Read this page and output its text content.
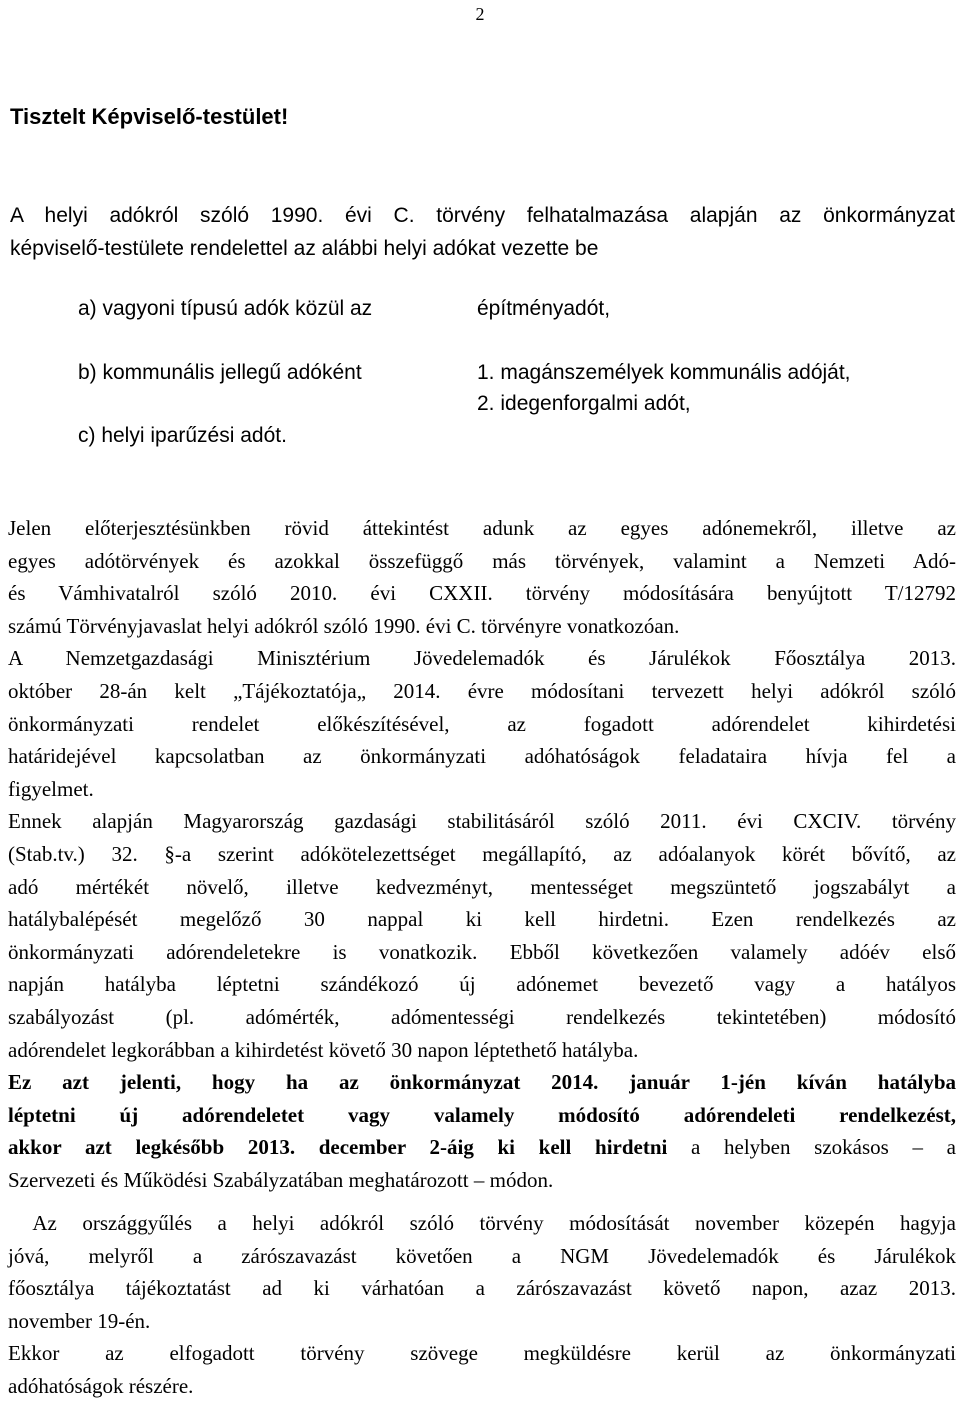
2
Tisztelt Képviselő-testület!
A helyi adókról szóló 1990. évi C. törvény felhatalmazása alapján az önkormányzat
képviselő-testülete rendelettel az alábbi helyi adókat vezette be
a) vagyoni típusú adók közül az	építményadót,
b) kommunális jellegű adóként	1. magánszemélyek kommunális adóját,
2. idegenforgalmi adót,
c) helyi iparűzési adót.
Jelen előterjesztésünkben rövid áttekintést adunk az egyes adónemekről, illetve az
egyes adótörvények és azokkal összefüggő más törvények, valamint a Nemzeti Adó-
és Vámhivatalról szóló 2010. évi CXXII. törvény módosítására benyújtott T/12792
számú Törvényjavaslat helyi adókról szóló 1990. évi C. törvényre vonatkozóan.
A Nemzetgazdasági Minisztérium Jövedelemadók és Járulékok Főosztálya 2013.
október 28-án kelt „Tájékoztatója„ 2014. évre módosítani tervezett helyi adókról szóló
önkormányzati rendelet előkészítésével, az fogadott adórendelet kihirdetési
határidejével kapcsolatban az önkormányzati adóhatóságok feladataira hívja fel a
figyelmet.
Ennek alapján Magyarország gazdasági stabilitásáról szóló 2011. évi CXCIV. törvény
(Stab.tv.) 32. §-a szerint adókötelezettséget megállapító, az adóalanyok körét bővítő, az
adó mértékét növelő, illetve kedvezményt, mentességet megszüntető jogszabályt a
hatálybalépését megelőző 30 nappal ki kell hirdetni. Ezen rendelkezés az
önkormányzati adórendeletekre is vonatkozik. Ebből következően valamely adóév első
napján hatályba léptetni szándékozó új adónemet bevezető vagy a hatályos
szabályozást (pl. adómérték, adómentességi rendelkezés tekintetében) módosító
adórendelet legkorábban a kihirdetést követő 30 napon léptethető hatályba.
Ez azt jelenti, hogy ha az önkormányzat 2014. január 1-jén kíván hatályba
léptetni új adórendeletet vagy valamely módosító adórendeleti rendelkezést,
akkor azt legkésőbb 2013. december 2-áig ki kell hirdetni a helyben szokásos – a
Szervezeti és Működési Szabályzatában meghatározott – módon.
Az országgyűlés a helyi adókról szóló törvény módosítását november közepén hagyja
jóvá, melyről a zárószavazást követően a NGM Jövedelemadók és Járulékok
főosztálya tájékoztatást ad ki várhatóan a zárószavazást követő napon, azaz 2013.
november 19-én.
Ekkor az elfogadott törvény szövege megküldésre kerül az önkormányzati
adóhatóságok részére.
